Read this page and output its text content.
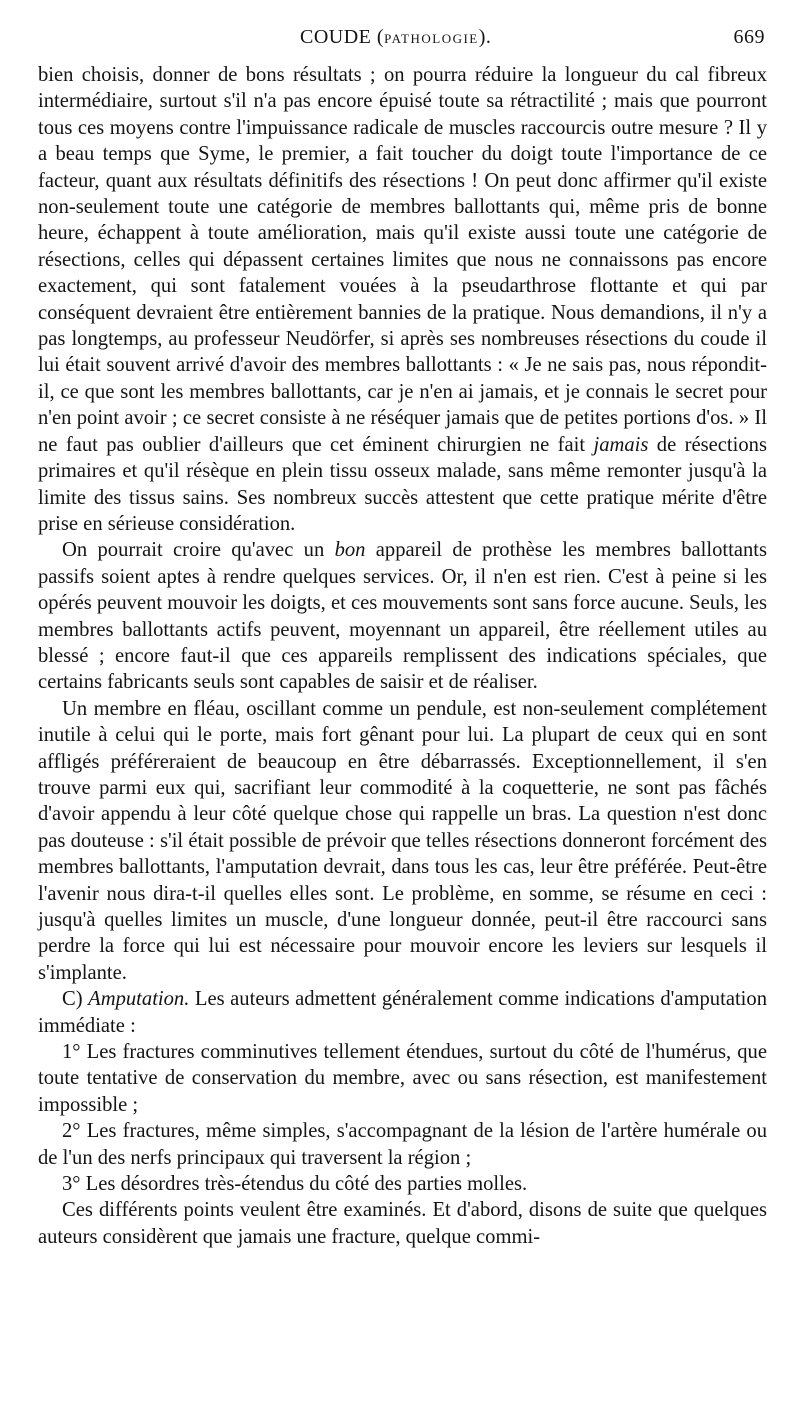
COUDE (PATHOLOGIE).	669

bien choisis, donner de bons résultats ; on pourra réduire la longueur du cal fibreux intermédiaire, surtout s'il n'a pas encore épuisé toute sa rétractilité ; mais que pourront tous ces moyens contre l'impuissance radicale de muscles raccourcis outre mesure ? Il y a beau temps que Syme, le premier, a fait toucher du doigt toute l'importance de ce facteur, quant aux résultats définitifs des résections ! On peut donc affirmer qu'il existe non-seulement toute une catégorie de membres ballottants qui, même pris de bonne heure, échappent à toute amélioration, mais qu'il existe aussi toute une catégorie de résections, celles qui dépassent certaines limites que nous ne connaissons pas encore exactement, qui sont fatalement vouées à la pseudarthrose flottante et qui par conséquent devraient être entièrement bannies de la pratique. Nous demandions, il n'y a pas longtemps, au professeur Neudörfer, si après ses nombreuses résections du coude il lui était souvent arrivé d'avoir des membres ballottants : « Je ne sais pas, nous répondit-il, ce que sont les membres ballottants, car je n'en ai jamais, et je connais le secret pour n'en point avoir ; ce secret consiste à ne réséquer jamais que de petites portions d'os. » Il ne faut pas oublier d'ailleurs que cet éminent chirurgien ne fait jamais de résections primaires et qu'il résèque en plein tissu osseux malade, sans même remonter jusqu'à la limite des tissus sains. Ses nombreux succès attestent que cette pratique mérite d'être prise en sérieuse considération.

On pourrait croire qu'avec un bon appareil de prothèse les membres ballottants passifs soient aptes à rendre quelques services. Or, il n'en est rien. C'est à peine si les opérés peuvent mouvoir les doigts, et ces mouvements sont sans force aucune. Seuls, les membres ballottants actifs peuvent, moyennant un appareil, être réellement utiles au blessé ; encore faut-il que ces appareils remplissent des indications spéciales, que certains fabricants seuls sont capables de saisir et de réaliser.

Un membre en fléau, oscillant comme un pendule, est non-seulement complétement inutile à celui qui le porte, mais fort gênant pour lui. La plupart de ceux qui en sont affligés préféreraient de beaucoup en être débarrassés. Exceptionnellement, il s'en trouve parmi eux qui, sacrifiant leur commodité à la coquetterie, ne sont pas fâchés d'avoir appendu à leur côté quelque chose qui rappelle un bras. La question n'est donc pas douteuse : s'il était possible de prévoir que telles résections donneront forcément des membres ballottants, l'amputation devrait, dans tous les cas, leur être préférée. Peut-être l'avenir nous dira-t-il quelles elles sont. Le problème, en somme, se résume en ceci : jusqu'à quelles limites un muscle, d'une longueur donnée, peut-il être raccourci sans perdre la force qui lui est nécessaire pour mouvoir encore les leviers sur lesquels il s'implante.

C) Amputation. Les auteurs admettent généralement comme indications d'amputation immédiate :

1° Les fractures comminutives tellement étendues, surtout du côté de l'humérus, que toute tentative de conservation du membre, avec ou sans résection, est manifestement impossible ;

2° Les fractures, même simples, s'accompagnant de la lésion de l'artère humérale ou de l'un des nerfs principaux qui traversent la région ;

3° Les désordres très-étendus du côté des parties molles.

Ces différents points veulent être examinés. Et d'abord, disons de suite que quelques auteurs considèrent que jamais une fracture, quelque commi-
